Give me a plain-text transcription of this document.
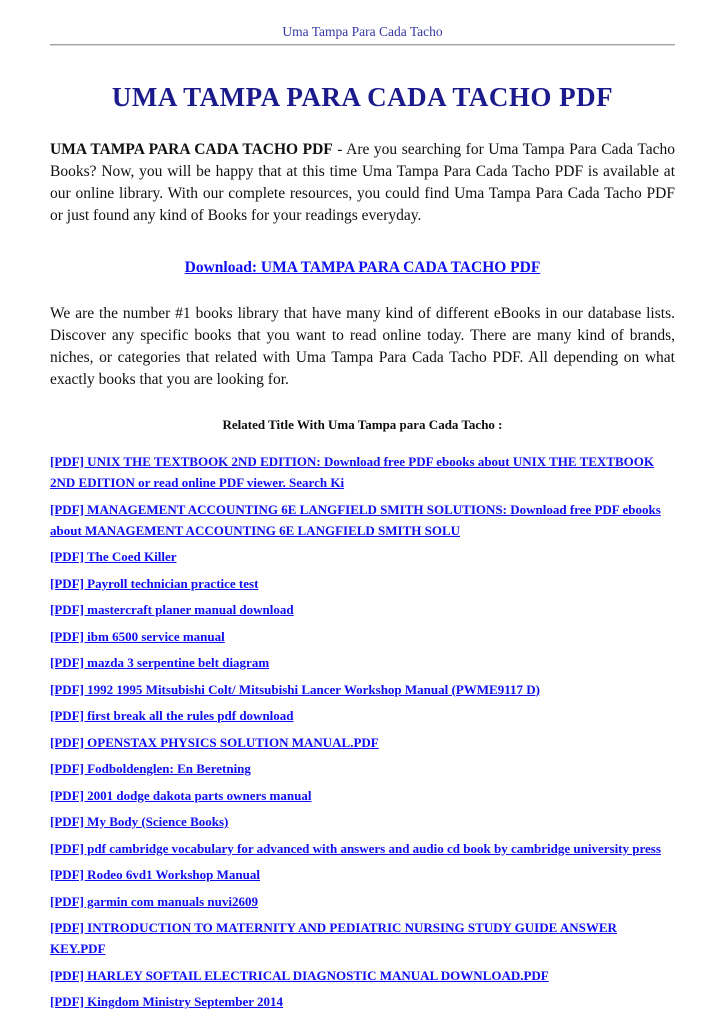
Uma Tampa Para Cada Tacho
UMA TAMPA PARA CADA TACHO PDF

UMA TAMPA PARA CADA TACHO PDF - Are you searching for Uma Tampa Para Cada Tacho Books? Now, you will be happy that at this time Uma Tampa Para Cada Tacho PDF is available at our online library. With our complete resources, you could find Uma Tampa Para Cada Tacho PDF or just found any kind of Books for your readings everyday.

Download: UMA TAMPA PARA CADA TACHO PDF

We are the number #1 books library that have many kind of different eBooks in our database lists. Discover any specific books that you want to read online today. There are many kind of brands, niches, or categories that related with Uma Tampa Para Cada Tacho PDF. All depending on what exactly books that you are looking for.

Related Title With Uma Tampa para Cada Tacho :
[PDF] UNIX THE TEXTBOOK 2ND EDITION: Download free PDF ebooks about UNIX THE TEXTBOOK 2ND EDITION or read online PDF viewer. Search Ki
[PDF] MANAGEMENT ACCOUNTING 6E LANGFIELD SMITH SOLUTIONS: Download free PDF ebooks about MANAGEMENT ACCOUNTING 6E LANGFIELD SMITH SOLU
[PDF] The Coed Killer
[PDF] Payroll technician practice test
[PDF] mastercraft planer manual download
[PDF] ibm 6500 service manual
[PDF] mazda 3 serpentine belt diagram
[PDF] 1992 1995 Mitsubishi Colt/ Mitsubishi Lancer Workshop Manual (PWME9117 D)
[PDF] first break all the rules pdf download
[PDF] OPENSTAX PHYSICS SOLUTION MANUAL.PDF
[PDF] Fodboldenglen: En Beretning
[PDF] 2001 dodge dakota parts owners manual
[PDF] My Body (Science Books)
[PDF] pdf cambridge vocabulary for advanced with answers and audio cd book by cambridge university press
[PDF] Rodeo 6vd1 Workshop Manual
[PDF] garmin com manuals nuvi2609
[PDF] INTRODUCTION TO MATERNITY AND PEDIATRIC NURSING STUDY GUIDE ANSWER KEY.PDF
[PDF] HARLEY SOFTAIL ELECTRICAL DIAGNOSTIC MANUAL DOWNLOAD.PDF
[PDF] Kingdom Ministry September 2014
